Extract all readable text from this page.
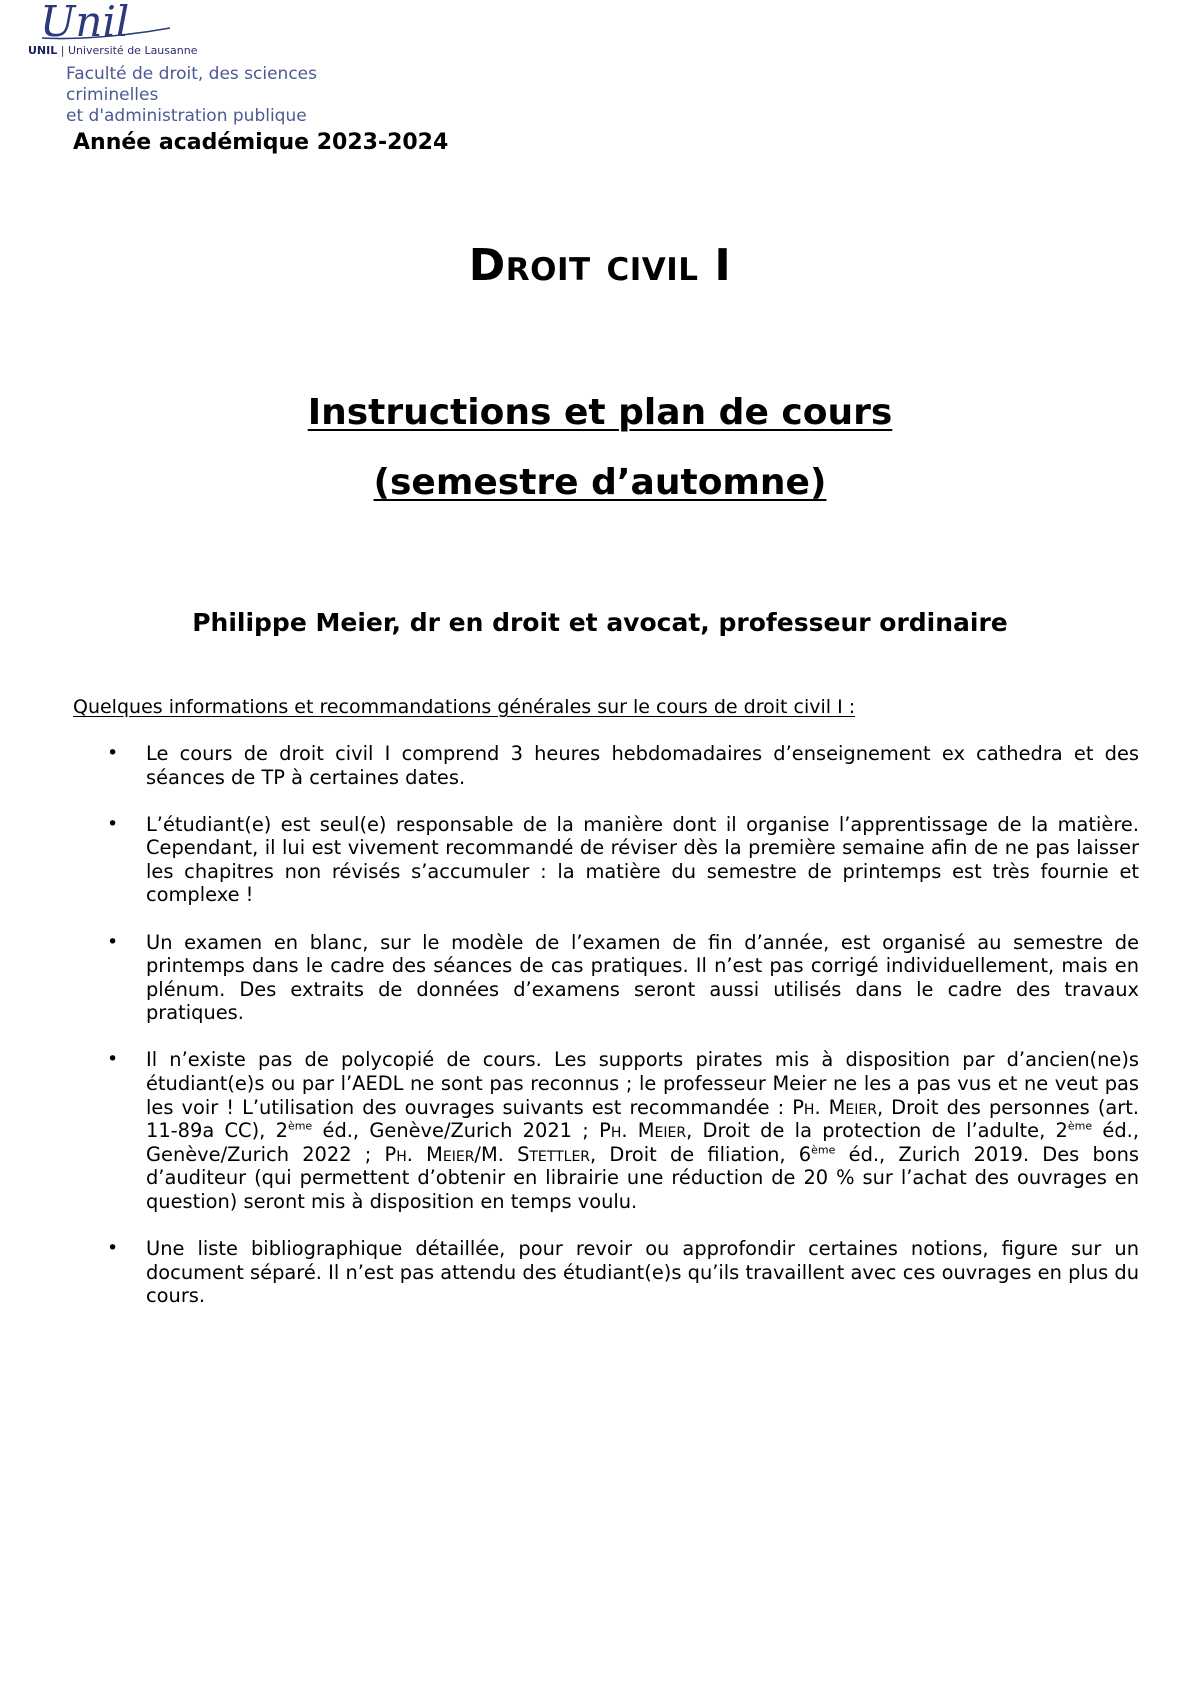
Unil
UNIL | Université de Lausanne
Faculté de droit, des sciences
criminelles
et d'administration publique
Année académique 2023-2024
Droit civil I
Instructions et plan de cours
(semestre d’automne)
Philippe Meier, dr en droit et avocat, professeur ordinaire
Quelques informations et recommandations générales sur le cours de droit civil I :
• Le cours de droit civil I comprend 3 heures hebdomadaires d’enseignement ex cathedra et des séances de TP à certaines dates.
• L’étudiant(e) est seul(e) responsable de la manière dont il organise l’apprentissage de la matière. Cependant, il lui est vivement recommandé de réviser dès la première semaine afin de ne pas laisser les chapitres non révisés s’accumuler : la matière du semestre de printemps est très fournie et complexe !
• Un examen en blanc, sur le modèle de l’examen de fin d’année, est organisé au semestre de printemps dans le cadre des séances de cas pratiques. Il n’est pas corrigé individuellement, mais en plénum. Des extraits de données d’examens seront aussi utilisés dans le cadre des travaux pratiques.
• Il n’existe pas de polycopié de cours. Les supports pirates mis à disposition par d’ancien(ne)s étudiant(e)s ou par l’AEDL ne sont pas reconnus ; le professeur Meier ne les a pas vus et ne veut pas les voir ! L’utilisation des ouvrages suivants est recommandée : Ph. Meier, Droit des personnes (art. 11-89a CC), 2ème éd., Genève/Zurich 2021 ; Ph. Meier, Droit de la protection de l’adulte, 2ème éd., Genève/Zurich 2022 ; Ph. Meier/M. Stettler, Droit de filiation, 6ème éd., Zurich 2019. Des bons d’auditeur (qui permettent d’obtenir en librairie une réduction de 20 % sur l’achat des ouvrages en question) seront mis à disposition en temps voulu.
• Une liste bibliographique détaillée, pour revoir ou approfondir certaines notions, figure sur un document séparé. Il n’est pas attendu des étudiant(e)s qu’ils travaillent avec ces ouvrages en plus du cours.
